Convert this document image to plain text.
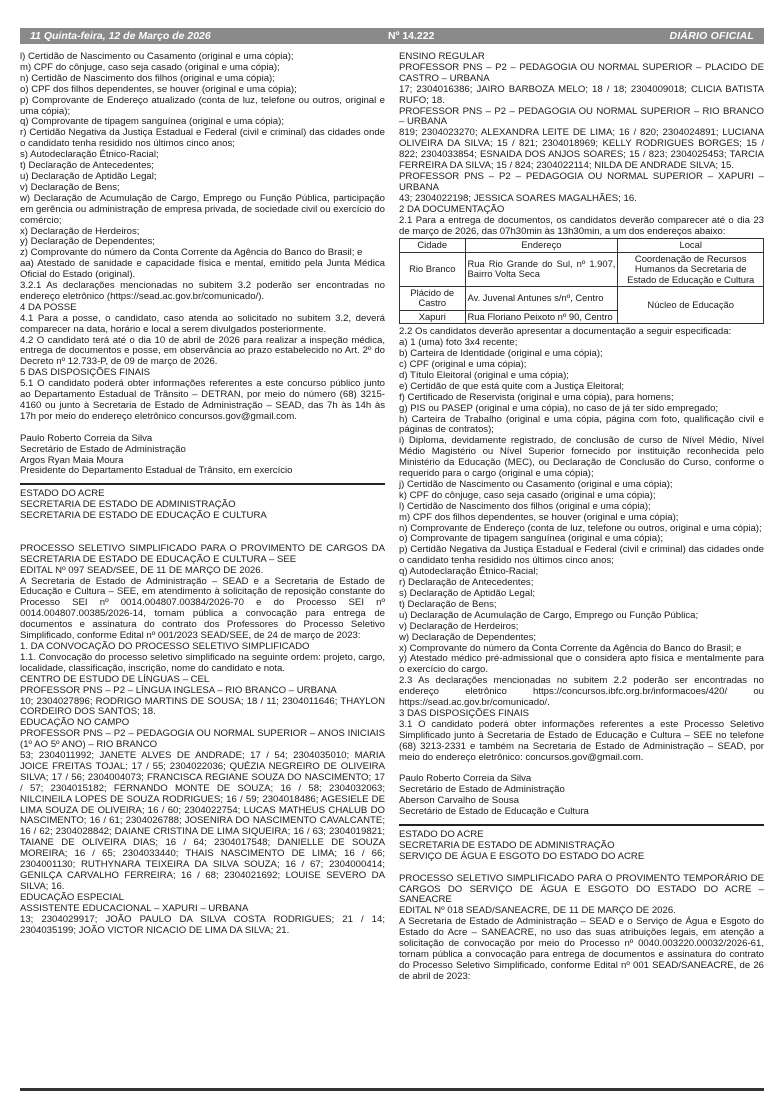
11 Quinta-feira, 12 de Março de 2026	Nº 14.222	DIÁRIO OFICIAL

l) Certidão de Nascimento ou Casamento (original e uma cópia);

m) CPF do cônjuge, caso seja casado (original e uma cópia);

n) Certidão de Nascimento dos filhos (original e uma cópia);

o) CPF dos filhos dependentes, se houver (original e uma cópia);

p) Comprovante de Endereço atualizado (conta de luz, telefone ou outros, original e uma cópia);

q) Comprovante de tipagem sanguínea (original e uma cópia);

r) Certidão Negativa da Justiça Estadual e Federal (civil e criminal) das cidades onde o candidato tenha residido nos últimos cinco anos;

s) Autodeclaração Étnico-Racial;

t) Declaração de Antecedentes;

u) Declaração de Aptidão Legal;

v) Declaração de Bens;

w) Declaração de Acumulação de Cargo, Emprego ou Função Pública, participação em gerência ou administração de empresa privada, de sociedade civil ou exercício do comércio;

x) Declaração de Herdeiros;

y) Declaração de Dependentes;

z) Comprovante do número da Conta Corrente da Agência do Banco do Brasil; e

aa) Atestado de sanidade e capacidade física e mental, emitido pela Junta Médica Oficial do Estado (original).

3.2.1 As declarações mencionadas no subitem 3.2 poderão ser encontradas no endereço eletrônico (https://sead.ac.gov.br/comunicado/).

4 DA POSSE

4.1 Para a posse, o candidato, caso atenda ao solicitado no subitem 3.2, deverá comparecer na data, horário e local a serem divulgados posteriormente.

4.2 O candidato terá até o dia 10 de abril de 2026 para realizar a inspeção médica, entrega de documentos e posse, em observância ao prazo estabelecido no Art. 2º do Decreto nº 12.733-P, de 09 de março de 2026.

5 DAS DISPOSIÇÕES FINAIS

5.1 O candidato poderá obter informações referentes a este concurso público junto ao Departamento Estadual de Trânsito – DETRAN, por meio do número (68) 3215-4160 ou junto à Secretaria de Estado de Administração – SEAD, das 7h às 14h às 17h por meio do endereço eletrônico concursos.gov@gmail.com.

Paulo Roberto Correia da Silva

Secretário de Estado de Administração

Argos Ryan Maia Moura

Presidente do Departamento Estadual de Trânsito, em exercício

ESTADO DO ACRE

SECRETARIA DE ESTADO DE ADMINISTRAÇÃO

SECRETARIA DE ESTADO DE EDUCAÇÃO E CULTURA

PROCESSO SELETIVO SIMPLIFICADO PARA O PROVIMENTO DE CARGOS DA SECRETARIA DE ESTADO DE EDUCAÇÃO E CULTURA – SEE

EDITAL Nº 097 SEAD/SEE, DE 11 DE MARÇO DE 2026.

A Secretaria de Estado de Administração – SEAD e a Secretaria de Estado de Educação e Cultura – SEE, em atendimento à solicitação de reposição constante do Processo SEI nº 0014.004807.00384/2026-70 e do Processo SEI nº 0014.004807.00385/2026-14, tornam pública a convocação para entrega de documentos e assinatura do contrato dos Professores do Processo Seletivo Simplificado, conforme Edital nº 001/2023 SEAD/SEE, de 24 de março de 2023:

1. DA CONVOCAÇÃO DO PROCESSO SELETIVO SIMPLIFICADO

1.1. Convocação do processo seletivo simplificado na seguinte ordem: projeto, cargo, localidade, classificação, inscrição, nome do candidato e nota.

CENTRO DE ESTUDO DE LÍNGUAS – CEL

PROFESSOR PNS – P2 – LÍNGUA INGLESA – RIO BRANCO – URBANA

10; 2304027896; RODRIGO MARTINS DE SOUSA; 18 / 11; 2304011646; THAYLON CORDEIRO DOS SANTOS; 18.

EDUCAÇÃO NO CAMPO

PROFESSOR PNS – P2 – PEDAGOGIA OU NORMAL SUPERIOR – ANOS INICIAIS (1º AO 5º ANO) – RIO BRANCO

53; 2304011992; JANETE ALVES DE ANDRADE; 17 / 54; 2304035010; MARIA JOICE FREITAS TOJAL; 17 / 55; 2304022036; QUÉZIA NEGREIRO DE OLIVEIRA SILVA; 17 / 56; 2304004073; FRANCISCA REGIANE SOUZA DO NASCIMENTO; 17 / 57; 2304015182; FERNANDO MONTE DE SOUZA; 16 / 58; 2304032063; NILCINEILA LOPES DE SOUZA RODRIGUES; 16 / 59; 2304018486; AGESIELE DE LIMA SOUZA DE OLIVEIRA; 16 / 60; 2304022754; LUCAS MATHEUS CHALUB DO NASCIMENTO; 16 / 61; 2304026788; JOSENIRA DO NASCIMENTO CAVALCANTE; 16 / 62; 2304028842; DAIANE CRISTINA DE LIMA SIQUEIRA; 16 / 63; 2304019821; TAIANE DE OLIVEIRA DIAS; 16 / 64; 2304017548; DANIELLE DE SOUZA MOREIRA; 16 / 65; 2304033440; THAIS NASCIMENTO DE LIMA; 16 / 66; 2304001130; RUTHYNARA TEIXEIRA DA SILVA SOUZA; 16 / 67; 2304000414; GENILÇA CARVALHO FERREIRA; 16 / 68; 2304021692; LOUISE SEVERO DA SILVA; 16.

EDUCAÇÃO ESPECIAL

ASSISTENTE EDUCACIONAL – XAPURI – URBANA

13; 2304029917; JOÃO PAULO DA SILVA COSTA RODRIGUES; 21 / 14; 2304035199; JOÃO VICTOR NICACIO DE LIMA DA SILVA; 21.

ENSINO REGULAR

PROFESSOR PNS – P2 – PEDAGOGIA OU NORMAL SUPERIOR – PLACIDO DE CASTRO – URBANA

17; 2304016386; JAIRO BARBOZA MELO; 18 / 18; 2304009018; CLICIA BATISTA RUFO; 18.

PROFESSOR PNS – P2 – PEDAGOGIA OU NORMAL SUPERIOR – RIO BRANCO – URBANA

819; 2304023270; ALEXANDRA LEITE DE LIMA; 16 / 820; 2304024891; LUCIANA OLIVEIRA DA SILVA; 15 / 821; 2304018969; KELLY RODRIGUES BORGES; 15 / 822; 2304033854; ESNAIDA DOS ANJOS SOARES; 15 / 823; 2304025453; TARCIA FERREIRA DA SILVA; 15 / 824; 2304022114; NILDA DE ANDRADE SILVA; 15.

PROFESSOR PNS – P2 – PEDAGOGIA OU NORMAL SUPERIOR – XAPURI – URBANA

43; 2304022198; JESSICA SOARES MAGALHÃES; 16.

2 DA DOCUMENTAÇÃO

2.1 Para a entrega de documentos, os candidatos deverão comparecer até o dia 23 de março de 2026, das 07h30min às 13h30min, a um dos endereços abaixo:

Cidade	Endereço	Local
Rio Branco	Rua Rio Grande do Sul, nº 1.907, Bairro Volta Seca	Coordenação de Recursos Humanos da Secretaria de Estado de Educação e Cultura
Plácido de Castro	Av. Juvenal Antunes s/nº, Centro	Núcleo de Educação
Xapuri	Rua Floriano Peixoto nº 90, Centro	

2.2 Os candidatos deverão apresentar a documentação a seguir especificada:

a) 1 (uma) foto 3x4 recente;

b) Carteira de Identidade (original e uma cópia);

c) CPF (original e uma cópia);

d) Título Eleitoral (original e uma cópia);

e) Certidão de que está quite com a Justiça Eleitoral;

f) Certificado de Reservista (original e uma cópia), para homens;

g) PIS ou PASEP (original e uma cópia), no caso de já ter sido empregado;

h) Carteira de Trabalho (original e uma cópia, página com foto, qualificação civil e páginas de contratos);

i) Diploma, devidamente registrado, de conclusão de curso de Nível Médio, Nível Médio Magistério ou Nível Superior fornecido por instituição reconhecida pelo Ministério da Educação (MEC), ou Declaração de Conclusão do Curso, conforme o requerido para o cargo (original e uma cópia);

j) Certidão de Nascimento ou Casamento (original e uma cópia);

k) CPF do cônjuge, caso seja casado (original e uma cópia);

l) Certidão de Nascimento dos filhos (original e uma cópia);

m) CPF dos filhos dependentes, se houver (original e uma cópia);

n) Comprovante de Endereço (conta de luz, telefone ou outros, original e uma cópia);

o) Comprovante de tipagem sanguínea (original e uma cópia);

p) Certidão Negativa da Justiça Estadual e Federal (civil e criminal) das cidades onde o candidato tenha residido nos últimos cinco anos;

q) Autodeclaração Étnico-Racial;

r) Declaração de Antecedentes;

s) Declaração de Aptidão Legal;

t) Declaração de Bens;

u) Declaração de Acumulação de Cargo, Emprego ou Função Pública;

v) Declaração de Herdeiros;

w) Declaração de Dependentes;

x) Comprovante do número da Conta Corrente da Agência do Banco do Brasil; e

y) Atestado médico pré-admissional que o considera apto física e mentalmente para o exercício do cargo.

2.3 As declarações mencionadas no subitem 2.2 poderão ser encontradas no endereço eletrônico https://concursos.ibfc.org.br/informacoes/420/ ou https://sead.ac.gov.br/comunicado/.

3 DAS DISPOSIÇÕES FINAIS

3.1 O candidato poderá obter informações referentes a este Processo Seletivo Simplificado junto à Secretaria de Estado de Educação e Cultura – SEE no telefone (68) 3213-2331 e também na Secretaria de Estado de Administração – SEAD, por meio do endereço eletrônico: concursos.gov@gmail.com.

Paulo Roberto Correia da Silva

Secretário de Estado de Administração

Aberson Carvalho de Sousa

Secretário de Estado de Educação e Cultura

ESTADO DO ACRE

SECRETARIA DE ESTADO DE ADMINISTRAÇÃO

SERVIÇO DE ÁGUA E ESGOTO DO ESTADO DO ACRE

PROCESSO SELETIVO SIMPLIFICADO PARA O PROVIMENTO TEMPORÁRIO DE CARGOS DO SERVIÇO DE ÁGUA E ESGOTO DO ESTADO DO ACRE – SANEACRE

EDITAL Nº 018 SEAD/SANEACRE, DE 11 DE MARÇO DE 2026.

A Secretaria de Estado de Administração – SEAD e o Serviço de Água e Esgoto do Estado do Acre – SANEACRE, no uso das suas atribuições legais, em atenção a solicitação de convocação por meio do Processo nº 0040.003220.00032/2026-61, tornam pública a convocação para entrega de documentos e assinatura do contrato do Processo Seletivo Simplificado, conforme Edital nº 001 SEAD/SANEACRE, de 26 de abril de 2023:
